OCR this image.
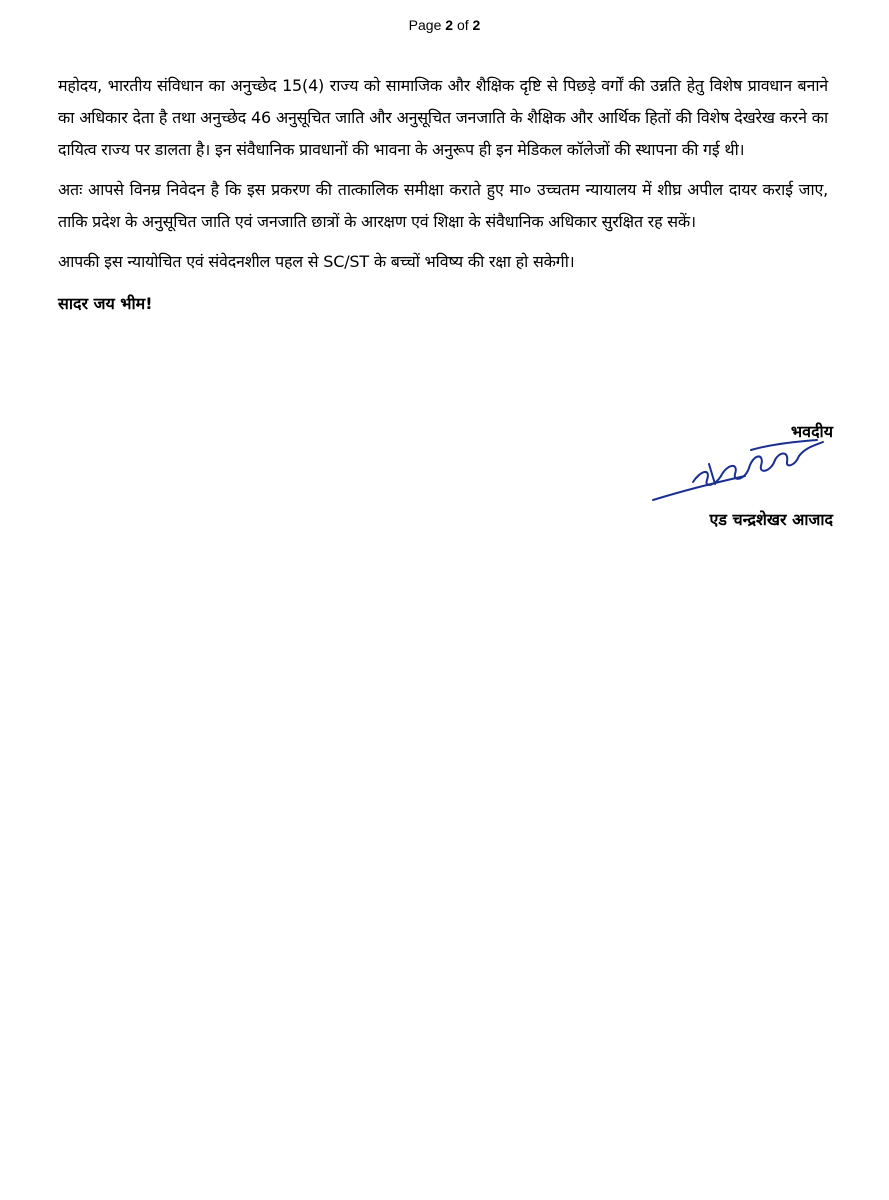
Page 2 of 2

महोदय, भारतीय संविधान का अनुच्छेद 15(4) राज्य को सामाजिक और शैक्षिक दृष्टि से पिछड़े वर्गों की उन्नति हेतु विशेष प्रावधान बनाने का अधिकार देता है तथा अनुच्छेद 46 अनुसूचित जाति और अनुसूचित जनजाति के शैक्षिक और आर्थिक हितों की विशेष देखरेख करने का दायित्व राज्य पर डालता है। इन संवैधानिक प्रावधानों की भावना के अनुरूप ही इन मेडिकल कॉलेजों की स्थापना की गई थी।

अतः आपसे विनम्र निवेदन है कि इस प्रकरण की तात्कालिक समीक्षा कराते हुए मा० उच्चतम न्यायालय में शीघ्र अपील दायर कराई जाए, ताकि प्रदेश के अनुसूचित जाति एवं जनजाति छात्रों के आरक्षण एवं शिक्षा के संवैधानिक अधिकार सुरक्षित रह सकें।

आपकी इस न्यायोचित एवं संवेदनशील पहल से SC/ST के बच्चों भविष्य की रक्षा हो सकेगी।

सादर जय भीम!

भवदीय
एड चन्द्रशेखर आजाद
